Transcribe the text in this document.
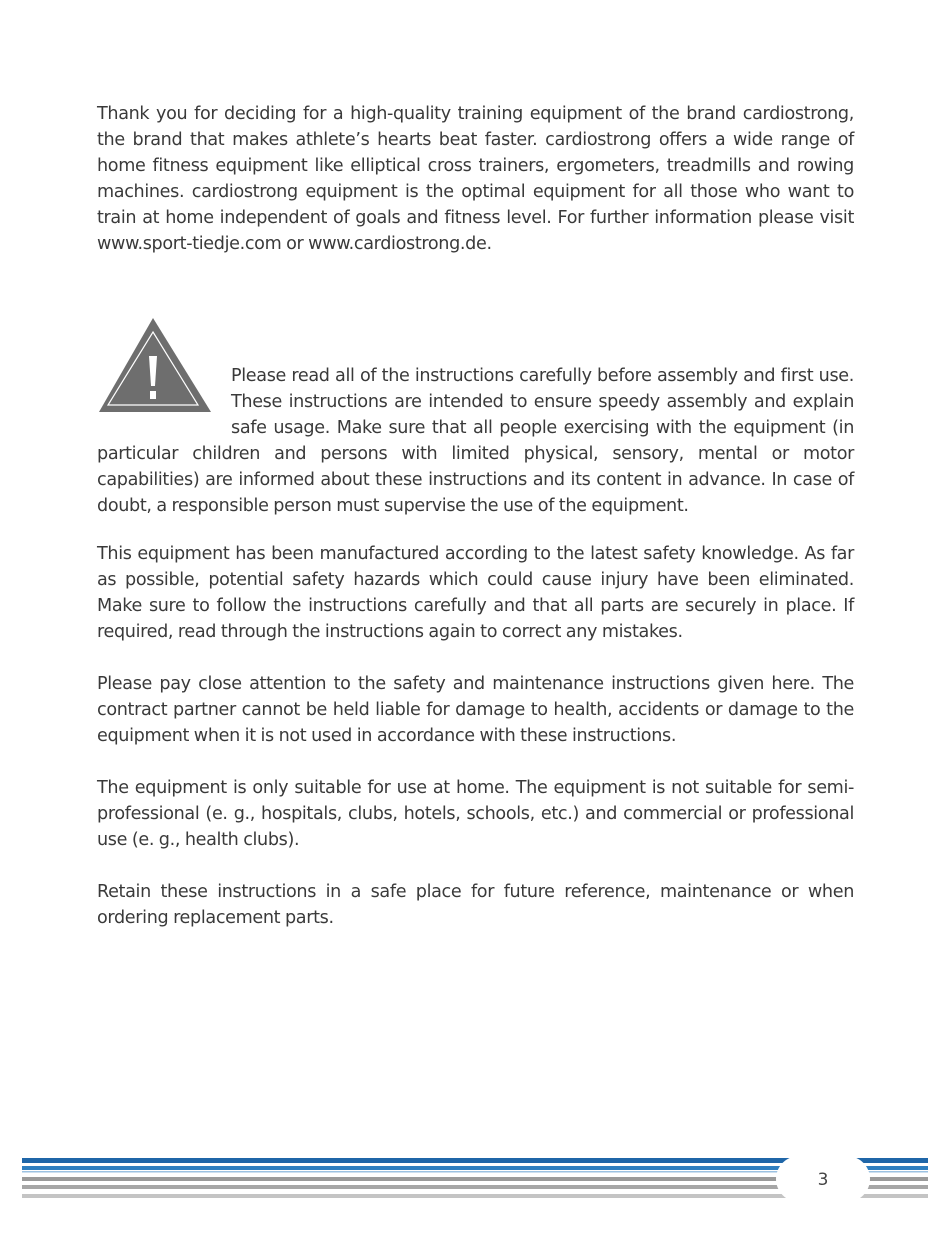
Thank you for deciding for a high-quality training equipment of the brand cardiostrong, the brand that makes athlete’s hearts beat faster. cardiostrong offers a wide range of home fitness equipment like elliptical cross trainers, ergometers, treadmills and rowing machines. cardiostrong equipment is the optimal equipment for all those who want to train at home independent of goals and fitness level. For further information please visit www.sport-tiedje.com or www.cardiostrong.de.

Please read all of the instructions carefully before assembly and first use. These instructions are intended to ensure speedy assembly and explain safe usage. Make sure that all people exercising with the equipment (in particular children and persons with limited physical, sensory, mental or motor capabilities) are informed about these instructions and its content in advance. In case of doubt, a responsible person must supervise the use of the equipment.

This equipment has been manufactured according to the latest safety knowledge. As far as possible, potential safety hazards which could cause injury have been eliminated. Make sure to follow the instructions carefully and that all parts are securely in place. If required, read through the instructions again to correct any mistakes.

Please pay close attention to the safety and maintenance instructions given here. The contract partner cannot be held liable for damage to health, accidents or damage to the equipment when it is not used in accordance with these instructions.

The equipment is only suitable for use at home. The equipment is not suitable for semi-professional (e. g., hospitals, clubs, hotels, schools, etc.) and commercial or professional use (e. g., health clubs).

Retain these instructions in a safe place for future reference, maintenance or when ordering replacement parts.

3
